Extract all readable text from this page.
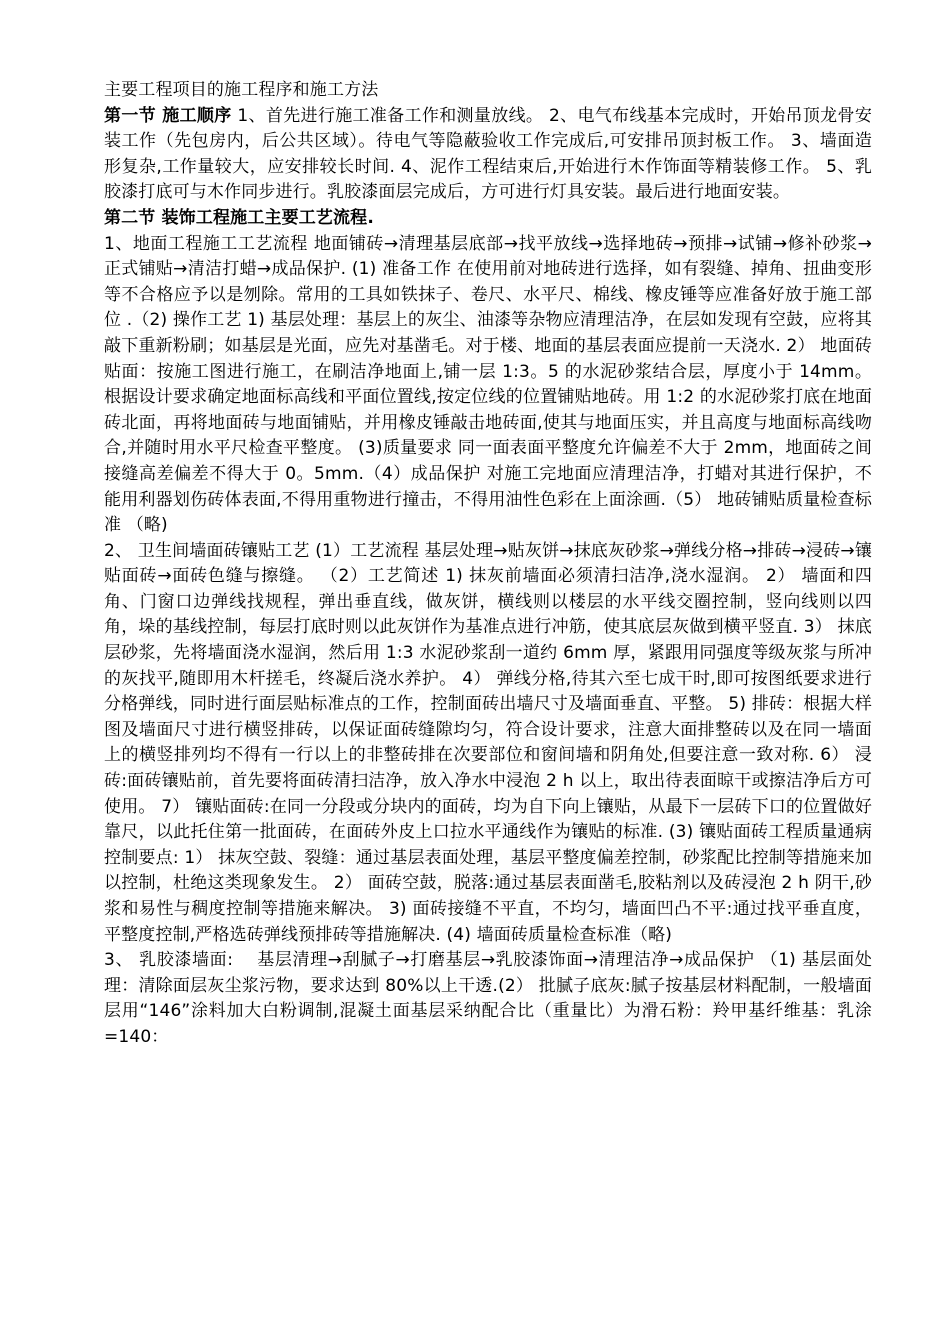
主要工程项目的施工程序和施工方法

第一节 施工顺序 1、首先进行施工准备工作和测量放线。 2、电气布线基本完成时，开始吊顶龙骨安装工作（先包房内，后公共区域）。待电气等隐蔽验收工作完成后,可安排吊顶封板工作。 3、墙面造形复杂,工作量较大，应安排较长时间. 4、泥作工程结束后,开始进行木作饰面等精装修工作。 5、乳胶漆打底可与木作同步进行。乳胶漆面层完成后，方可进行灯具安装。最后进行地面安装。

第二节 装饰工程施工主要工艺流程.

1、地面工程施工工艺流程 地面铺砖→清理基层底部→找平放线→选择地砖→预排→试铺→修补砂浆→正式铺贴→清洁打蜡→成品保护. (1) 准备工作 在使用前对地砖进行选择，如有裂缝、掉角、扭曲变形等不合格应予以是刎除。常用的工具如铁抹子、卷尺、水平尺、棉线、橡皮锤等应准备好放于施工部位 .（2) 操作工艺 1) 基层处理：基层上的灰尘、油漆等杂物应清理洁净，在层如发现有空鼓，应将其敲下重新粉刷；如基层是光面，应先对基凿毛。对于楼、地面的基层表面应提前一天浇水. 2） 地面砖贴面：按施工图进行施工，在刷洁净地面上,铺一层 1:3。5 的水泥砂浆结合层，厚度小于 14mm。根据设计要求确定地面标高线和平面位置线,按定位线的位置铺贴地砖。用 1:2 的水泥砂浆打底在地面砖北面，再将地面砖与地面铺贴，并用橡皮锤敲击地砖面,使其与地面压实，并且高度与地面标高线吻合,并随时用水平尺检查平整度。 (3)质量要求 同一面表面平整度允许偏差不大于 2mm，地面砖之间接缝高差偏差不得大于 0。5mm.（4）成品保护 对施工完地面应清理洁净，打蜡对其进行保护，不能用利器划伤砖体表面,不得用重物进行撞击，不得用油性色彩在上面涂画.（5） 地砖铺贴质量检查标准 （略)

2、 卫生间墙面砖镶贴工艺 (1）工艺流程 基层处理→贴灰饼→抹底灰砂浆→弹线分格→排砖→浸砖→镶贴面砖→面砖色缝与擦缝。 （2）工艺简述 1) 抹灰前墙面必须清扫洁净,浇水湿润。 2） 墙面和四角、门窗口边弹线找规程，弹出垂直线，做灰饼，横线则以楼层的水平线交圈控制，竖向线则以四角，垛的基线控制，每层打底时则以此灰饼作为基准点进行冲筋，使其底层灰做到横平竖直. 3） 抹底层砂浆，先将墙面浇水湿润，然后用 1:3 水泥砂浆刮一道约 6mm 厚，紧跟用同强度等级灰浆与所冲的灰找平,随即用木杆搓毛，终凝后浇水养护。 4） 弹线分格,待其六至七成干时,即可按图纸要求进行分格弹线，同时进行面层贴标准点的工作，控制面砖出墙尺寸及墙面垂直、平整。 5) 排砖：根据大样图及墙面尺寸进行横竖排砖，以保证面砖缝隙均匀，符合设计要求，注意大面排整砖以及在同一墙面上的横竖排列均不得有一行以上的非整砖排在次要部位和窗间墙和阴角处,但要注意一致对称. 6） 浸砖:面砖镶贴前，首先要将面砖清扫洁净，放入净水中浸泡 2 h 以上，取出待表面晾干或擦洁净后方可使用。 7） 镶贴面砖:在同一分段或分块内的面砖，均为自下向上镶贴，从最下一层砖下口的位置做好靠尺，以此托住第一批面砖，在面砖外皮上口拉水平通线作为镶贴的标准. (3) 镶贴面砖工程质量通病控制要点: 1） 抹灰空鼓、裂缝：通过基层表面处理，基层平整度偏差控制，砂浆配比控制等措施来加以控制，杜绝这类现象发生。 2） 面砖空鼓，脱落:通过基层表面凿毛,胶粘剂以及砖浸泡 2 h 阴干,砂浆和易性与稠度控制等措施来解决。 3) 面砖接缝不平直，不均匀，墙面凹凸不平:通过找平垂直度，平整度控制,严格选砖弹线预排砖等措施解决. (4) 墙面砖质量检查标准（略)

3、 乳胶漆墙面:　 基层清理→刮腻子→打磨基层→乳胶漆饰面→清理洁净→成品保护 （1) 基层面处理：清除面层灰尘浆污物，要求达到 80%以上干透.(2） 批腻子底灰:腻子按基层材料配制，一般墙面层用“146”涂料加大白粉调制,混凝土面基层采纳配合比（重量比）为滑石粉：羚甲基纤维基：乳涂=140：
